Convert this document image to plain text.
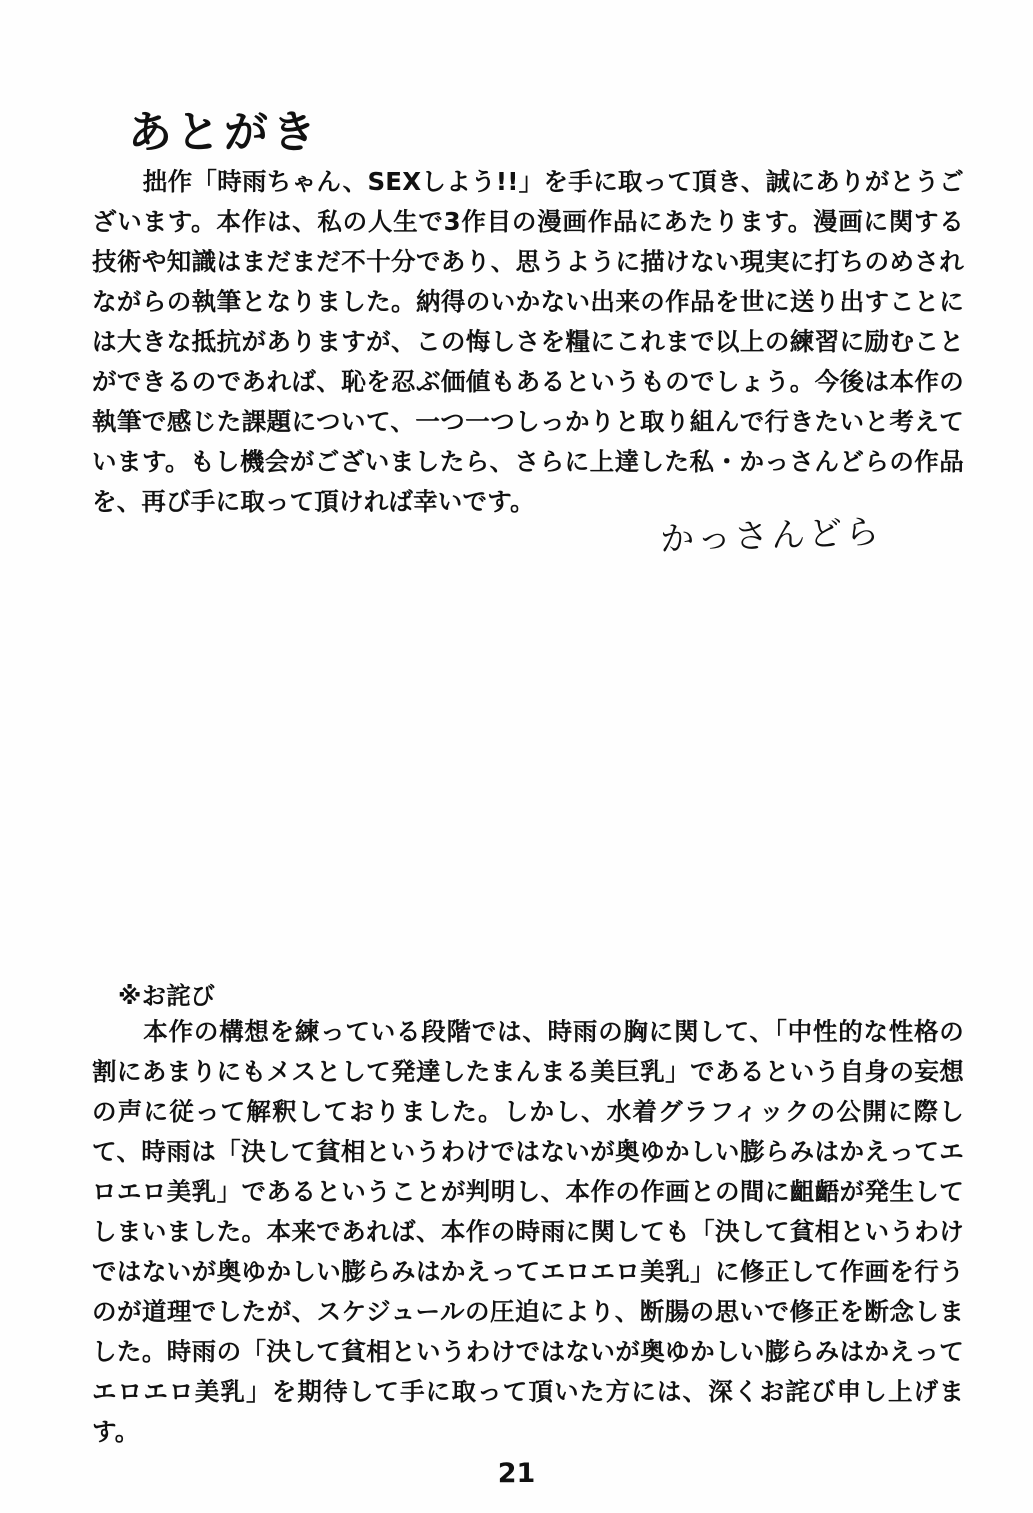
あとがき

　拙作「時雨ちゃん、SEXしよう!!」を手に取って頂き、誠にありがとうございます。本作は、私の人生で3作目の漫画作品にあたります。漫画に関する技術や知識はまだまだ不十分であり、思うように描けない現実に打ちのめされながらの執筆となりました。納得のいかない出来の作品を世に送り出すことには大きな抵抗がありますが、この悔しさを糧にこれまで以上の練習に励むことができるのであれば、恥を忍ぶ価値もあるというものでしょう。今後は本作の執筆で感じた課題について、一つ一つしっかりと取り組んで行きたいと考えています。もし機会がございましたら、さらに上達した私・かっさんどらの作品を、再び手に取って頂ければ幸いです。

かっさんどら
※お詫び

　本作の構想を練っている段階では、時雨の胸に関して、「中性的な性格の割にあまりにもメスとして発達したまんまる美巨乳」であるという自身の妄想の声に従って解釈しておりました。しかし、水着グラフィックの公開に際して、時雨は「決して貧相というわけではないが奥ゆかしい膨らみはかえってエロエロ美乳」であるということが判明し、本作の作画との間に齟齬が発生してしまいました。本来であれば、本作の時雨に関しても「決して貧相というわけではないが奥ゆかしい膨らみはかえってエロエロ美乳」に修正して作画を行うのが道理でしたが、スケジュールの圧迫により、断腸の思いで修正を断念しました。時雨の「決して貧相というわけではないが奥ゆかしい膨らみはかえってエロエロ美乳」を期待して手に取って頂いた方には、深くお詫び申し上げます。

21
